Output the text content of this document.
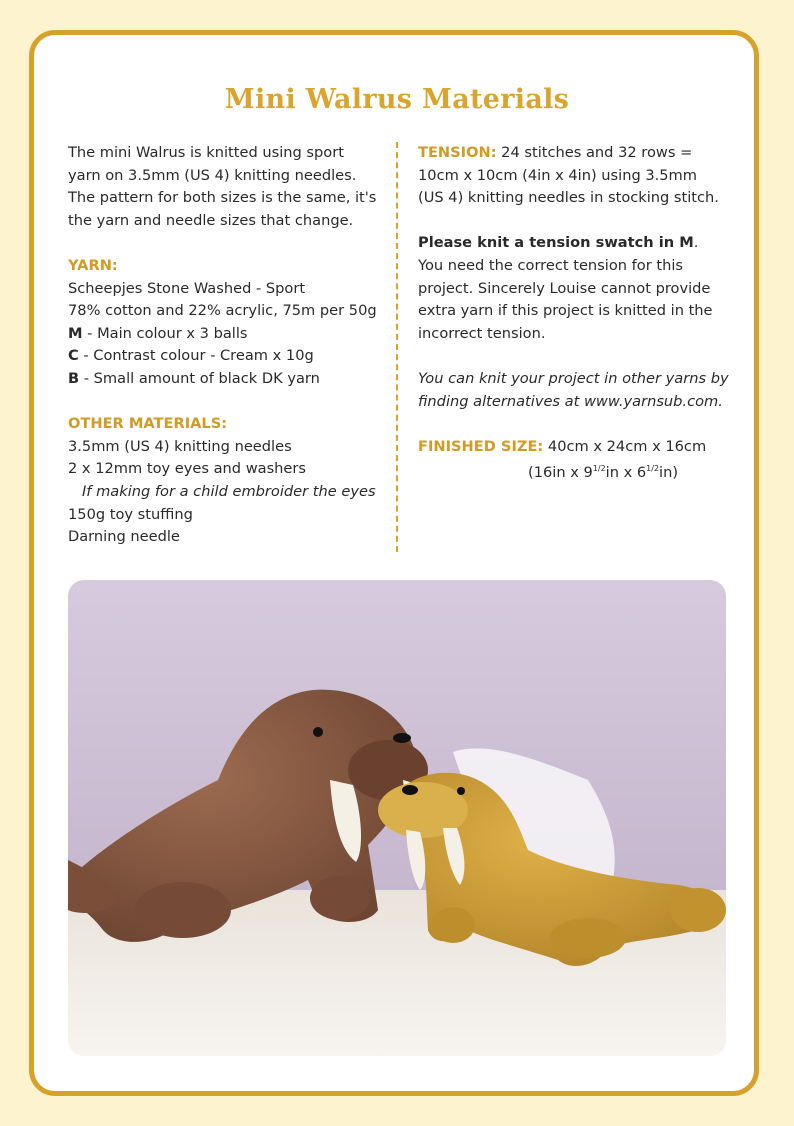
Mini Walrus Materials

The mini Walrus is knitted using sport

yarn on 3.5mm (US 4) knitting needles.

The pattern for both sizes is the same, it's

the yarn and needle sizes that change.

YARN:

Scheepjes Stone Washed - Sport

78% cotton and 22% acrylic, 75m per 50g

M - Main colour x 3 balls

C - Contrast colour - Cream x 10g

B - Small amount of black DK yarn

OTHER MATERIALS:

3.5mm (US 4) knitting needles

2 x 12mm toy eyes and washers

If making for a child embroider the eyes

150g toy stuffing

Darning needle

TENSION: 24 stitches and 32 rows =

10cm x 10cm (4in x 4in) using 3.5mm

(US 4) knitting needles in stocking stitch.

Please knit a tension swatch in M.

You need the correct tension for this

project. Sincerely Louise cannot provide

extra yarn if this project is knitted in the

incorrect tension.

You can knit your project in other yarns by

finding alternatives at www.yarnsub.com.

FINISHED SIZE: 40cm x 24cm x 16cm

(16in x $9^{1/2}in$ x $6^{1/2}in$)
